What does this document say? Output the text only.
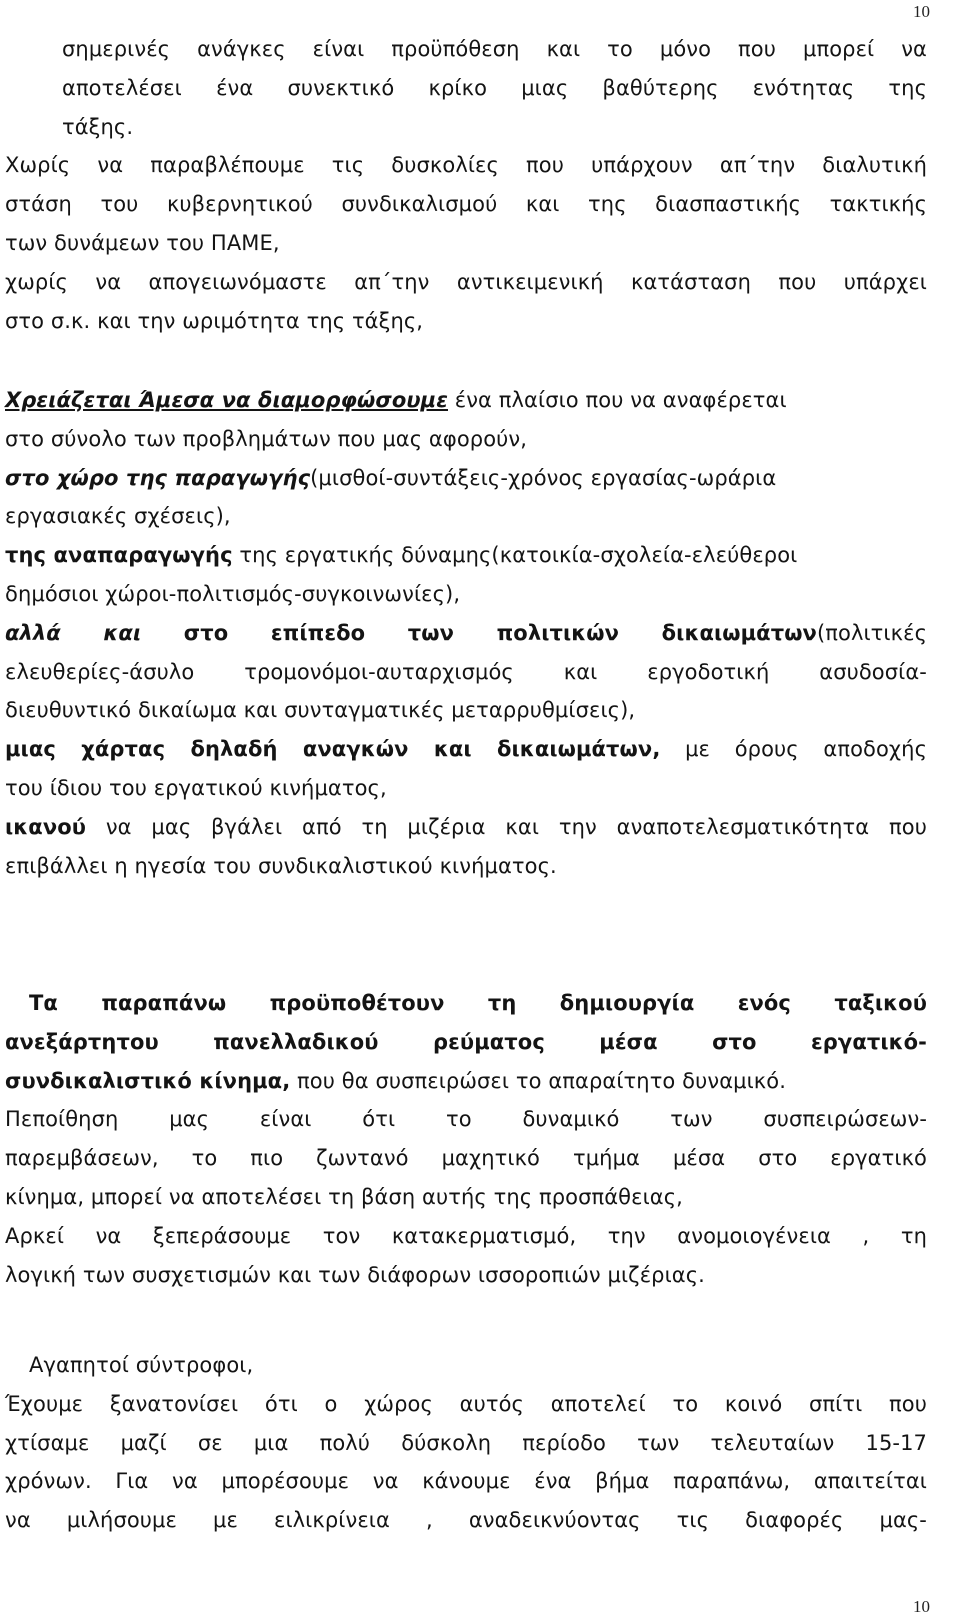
10
σημερινές ανάγκες είναι προϋπόθεση και το μόνο που μπορεί να
αποτελέσει ένα συνεκτικό κρίκο μιας βαθύτερης ενότητας της
τάξης.
Χωρίς να παραβλέπουμε τις δυσκολίες που υπάρχουν απ΄την διαλυτική
στάση του κυβερνητικού συνδικαλισμού και της διασπαστικής τακτικής
των δυνάμεων του ΠΑΜΕ,
χωρίς να απογειωνόμαστε απ΄την αντικειμενική κατάσταση που υπάρχει
στο σ.κ. και την ωριμότητα της τάξης,
Χρειάζεται Άμεσα να διαμορφώσουμε ένα πλαίσιο που να αναφέρεται
στο σύνολο των προβλημάτων που μας αφορούν,
στο χώρο της παραγωγής(μισθοί-συντάξεις-χρόνος εργασίας-ωράρια
εργασιακές σχέσεις),
της αναπαραγωγής της εργατικής δύναμης(κατοικία-σχολεία-ελεύθεροι
δημόσιοι χώροι-πολιτισμός-συγκοινωνίες),
αλλά και στο επίπεδο των πολιτικών δικαιωμάτων(πολιτικές
ελευθερίες-άσυλο τρομονόμοι-αυταρχισμός και εργοδοτική ασυδοσία-
διευθυντικό δικαίωμα και συνταγματικές μεταρρυθμίσεις),
μιας χάρτας δηλαδή αναγκών και δικαιωμάτων, με όρους αποδοχής
του ίδιου του εργατικού κινήματος,
ικανού να μας βγάλει από τη μιζέρια και την αναποτελεσματικότητα που
επιβάλλει η ηγεσία του συνδικαλιστικού κινήματος.
Τα παραπάνω προϋποθέτουν τη δημιουργία ενός ταξικού
ανεξάρτητου πανελλαδικού ρεύματος μέσα στο εργατικό-
συνδικαλιστικό κίνημα, που θα συσπειρώσει το απαραίτητο δυναμικό.
Πεποίθηση μας είναι ότι το δυναμικό των συσπειρώσεων-
παρεμβάσεων, το πιο ζωντανό μαχητικό τμήμα μέσα στο εργατικό
κίνημα, μπορεί να αποτελέσει τη βάση αυτής της προσπάθειας,
Αρκεί να ξεπεράσουμε τον κατακερματισμό, την ανομοιογένεια , τη
λογική των συσχετισμών και των διάφορων ισσοροπιών μιζέριας.
Αγαπητοί σύντροφοι,
Έχουμε ξανατονίσει ότι ο χώρος αυτός αποτελεί το κοινό σπίτι που
χτίσαμε μαζί σε μια πολύ δύσκολη περίοδο των τελευταίων 15-17
χρόνων. Για να μπορέσουμε να κάνουμε ένα βήμα παραπάνω, απαιτείται
να μιλήσουμε με ειλικρίνεια , αναδεικνύοντας τις διαφορές μας-
10
